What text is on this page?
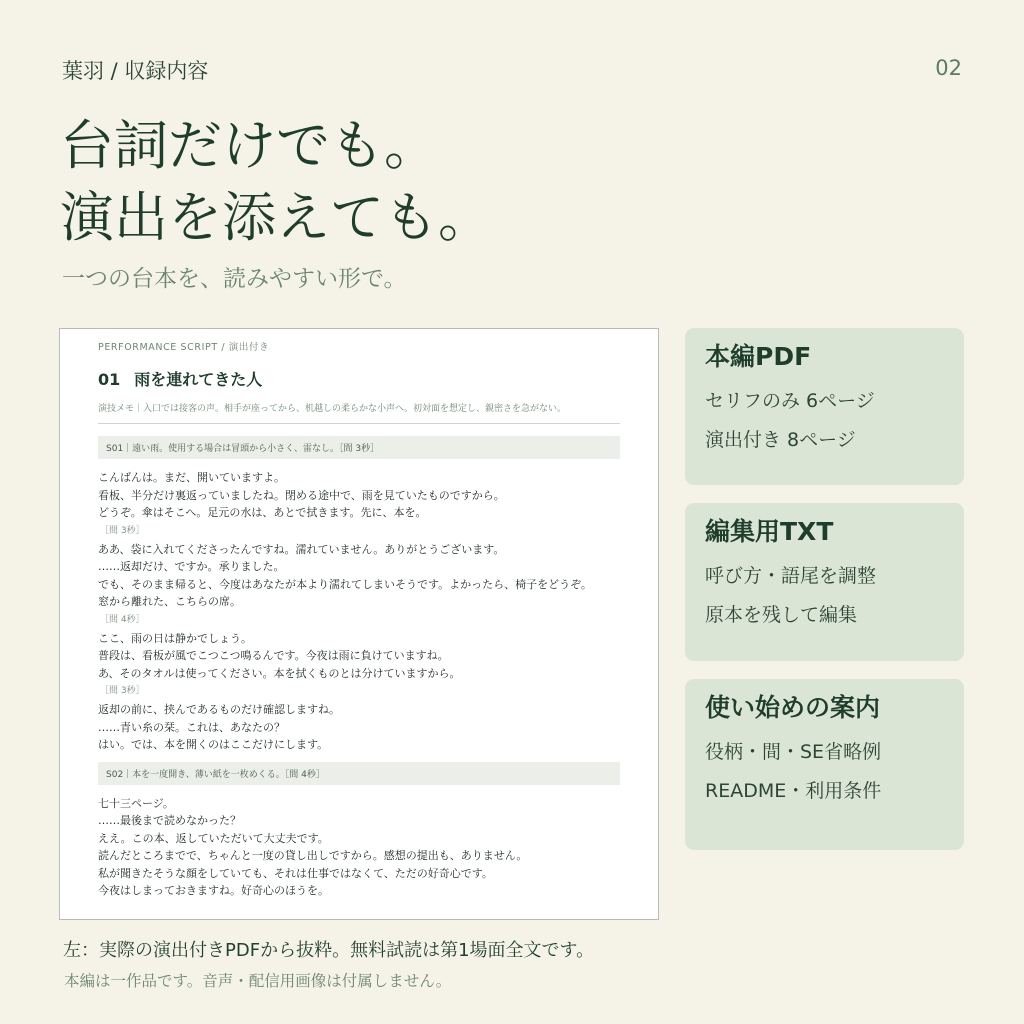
葉羽 / 収録内容	02
台詞だけでも。
演出を添えても。
一つの台本を、読みやすい形で。
PERFORMANCE SCRIPT / 演出付き
01 雨を連れてきた人
演技メモ｜入口では接客の声。相手が座ってから、机越しの柔らかな小声へ。初対面を想定し、親密さを急がない。
S01｜遠い雨。使用する場合は冒頭から小さく、雷なし。［間 3秒］
こんばんは。まだ、開いていますよ。
看板、半分だけ裏返っていましたね。閉める途中で、雨を見ていたものですから。
どうぞ。傘はそこへ。足元の水は、あとで拭きます。先に、本を。
［間 3秒］
ああ、袋に入れてくださったんですね。濡れていません。ありがとうございます。
……返却だけ、ですか。承りました。
でも、そのまま帰ると、今度はあなたが本より濡れてしまいそうです。よかったら、椅子をどうぞ。
窓から離れた、こちらの席。
［間 4秒］
ここ、雨の日は静かでしょう。
普段は、看板が風でこつこつ鳴るんです。今夜は雨に負けていますね。
あ、そのタオルは使ってください。本を拭くものとは分けていますから。
［間 3秒］
返却の前に、挟んであるものだけ確認しますね。
……青い糸の栞。これは、あなたの？
はい。では、本を開くのはここだけにします。
S02｜本を一度開き、薄い紙を一枚めくる。［間 4秒］
七十三ページ。
……最後まで読めなかった？
ええ。この本、返していただいて大丈夫です。
読んだところまでで、ちゃんと一度の貸し出しですから。感想の提出も、ありません。
私が聞きたそうな顔をしていても、それは仕事ではなくて、ただの好奇心です。
今夜はしまっておきますね。好奇心のほうを。
本編PDF
セリフのみ 6ページ
演出付き 8ページ
編集用TXT
呼び方・語尾を調整
原本を残して編集
使い始めの案内
役柄・間・SE省略例
README・利用条件
左：実際の演出付きPDFから抜粋。無料試読は第1場面全文です。
本編は一作品です。音声・配信用画像は付属しません。
